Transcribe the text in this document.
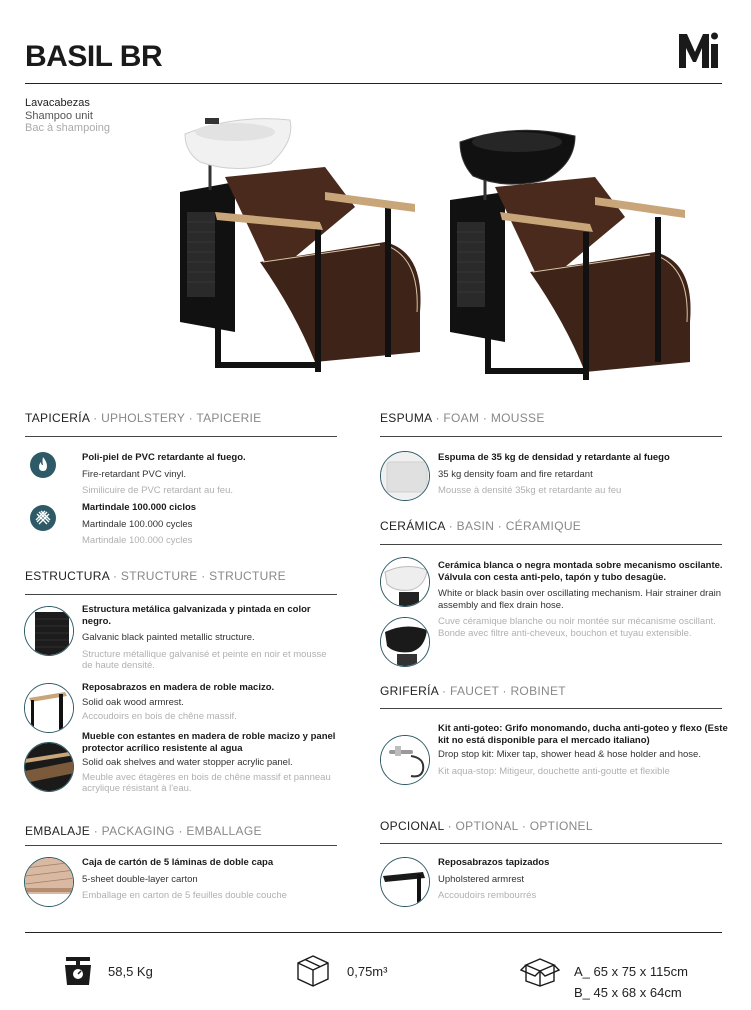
BASIL BR
Lavacabezas
Shampoo unit
Bac à shampoing
TAPICERÍA · UPHOLSTERY · TAPICERIE
Poli-piel de PVC retardante al fuego.
Fire-retardant PVC vinyl.
Similicuire de PVC retardant au feu.
Martindale 100.000 ciclos
Martindale 100.000 cycles
Martindale 100.000 cycles
ESTRUCTURA · STRUCTURE · STRUCTURE
Estructura metálica galvanizada y pintada en color negro.
Galvanic black painted metallic structure.
Structure métallique galvanisé et peinte en noir et mousse de haute densité.
Reposabrazos en madera de roble macizo.
Solid oak wood armrest.
Accoudoirs en bois de chêne massif.
Mueble con estantes en madera de roble macizo y panel protector acrílico resistente al agua
Solid oak shelves and water stopper acrylic panel.
Meuble avec étagères en bois de chêne massif et panneau acrylique résistant à l'eau.
EMBALAJE · PACKAGING · EMBALLAGE
Caja de cartón de 5 láminas de doble capa
5-sheet double-layer carton
Emballage en carton de 5 feuilles double couche
ESPUMA · FOAM · MOUSSE
Espuma de 35 kg de densidad y retardante al fuego
35 kg density foam and fire retardant
Mousse à densité 35kg et retardante au feu
CERÁMICA · BASIN · CÉRAMIQUE
Cerámica blanca o negra montada sobre mecanismo oscilante. Válvula con cesta anti-pelo, tapón y tubo desagüe.
White or black basin over oscillating mechanism. Hair strainer drain assembly and flex drain hose.
Cuve céramique blanche ou noir montée sur mécanisme oscillant. Bonde avec filtre anti-cheveux, bouchon et tuyau extensible.
GRIFERÍA · FAUCET · ROBINET
Kit anti-goteo: Grifo monomando, ducha anti-goteo y flexo (Este kit no está disponible para el mercado italiano)
Drop stop kit: Mixer tap, shower head & hose holder and hose.
Kit aqua-stop: Mitigeur, douchette anti-goutte et flexible
OPCIONAL · OPTIONAL · OPTIONEL
Reposabrazos tapizados
Upholstered armrest
Accoudoirs rembourrés
58,5 Kg	0,75m³	A_ 65 x 75 x 115cm
B_ 45 x 68 x 64cm
